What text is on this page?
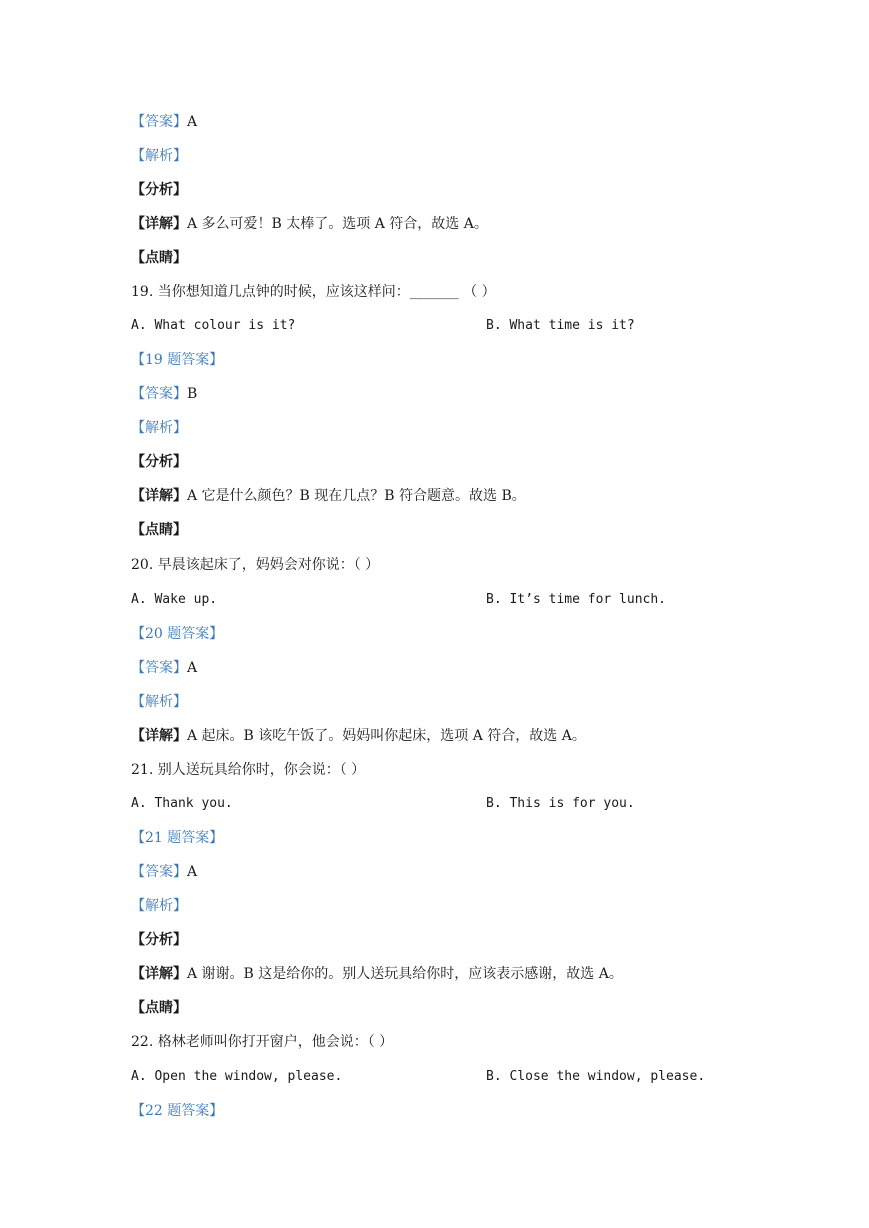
【答案】A
【解析】
【分析】
【详解】A 多么可爱！B 太棒了。选项 A 符合，故选 A。
【点睛】
19. 当你想知道几点钟的时候，应该这样问：_______ （ ）
A. What colour is it?	B. What time is it?
【19 题答案】
【答案】B
【解析】
【分析】
【详解】A 它是什么颜色？B 现在几点？B 符合题意。故选 B。
【点睛】
20. 早晨该起床了，妈妈会对你说：（ ）
A. Wake up.	B. It’s time for lunch.
【20 题答案】
【答案】A
【解析】
【详解】A 起床。B 该吃午饭了。妈妈叫你起床，选项 A 符合，故选 A。
21. 别人送玩具给你时，你会说：（ ）
A. Thank you.	B. This is for you.
【21 题答案】
【答案】A
【解析】
【分析】
【详解】A 谢谢。B 这是给你的。别人送玩具给你时，应该表示感谢，故选 A。
【点睛】
22. 格林老师叫你打开窗户，他会说：（ ）
A. Open the window, please.	B. Close the window, please.
【22 题答案】
